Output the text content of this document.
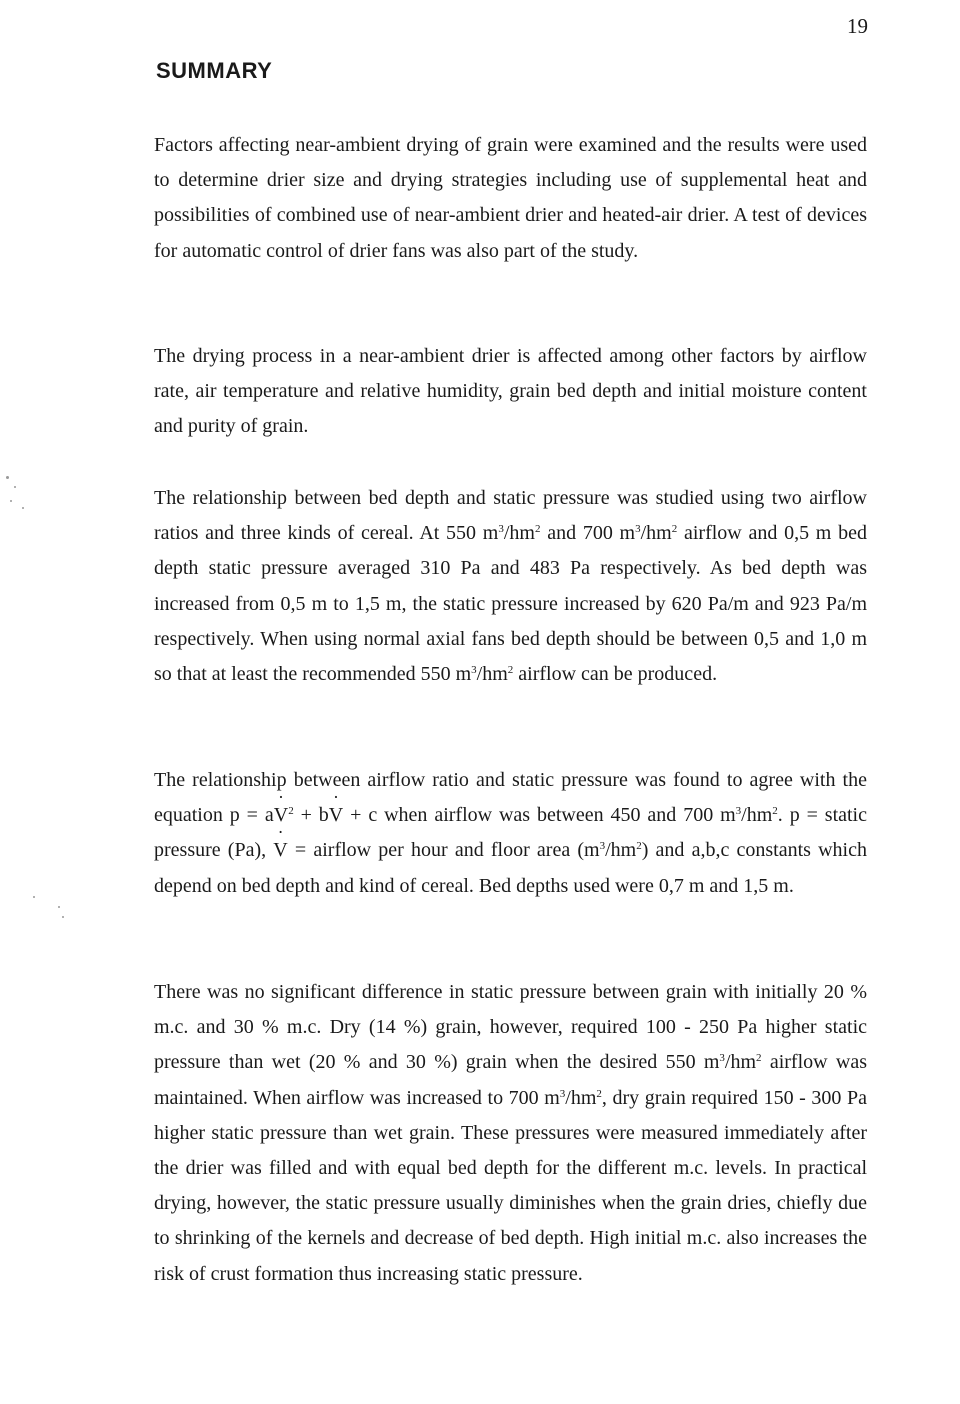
19
SUMMARY

Factors affecting near-ambient drying of grain were examined and the results were used to determine drier size and drying strategies including use of supplemental heat and possibilities of combined use of near-ambient drier and heated-air drier. A test of devices for automatic control of drier fans was also part of the study.

The drying process in a near-ambient drier is affected among other factors by airflow rate, air temperature and relative humidity, grain bed depth and initial moisture content and purity of grain.

The relationship between bed depth and static pressure was studied using two airflow ratios and three kinds of cereal. At 550 $m^3/hm^2$ and 700 $m^3/hm^2$ airflow and 0,5 m bed depth static pressure averaged 310 Pa and 483 Pa respectively. As bed depth was increased from 0,5 m to 1,5 m, the static pressure increased by 620 Pa/m and 923 Pa/m respectively. When using normal axial fans bed depth should be between 0,5 and 1,0 m so that at least the recommended 550 $m^3/hm^2$ airflow can be produced.

The relationship between airflow ratio and static pressure was found to agree with the equation p = a˙ $V^2$ + b˙ V + c when airflow was between 450 and 700 $m^3/hm^2$. p = static pressure (Pa), ˙ V = airflow per hour and floor area $(m^3/hm^2)$ and a,b,c constants which depend on bed depth and kind of cereal. Bed depths used were 0,7 m and 1,5 m.

There was no significant difference in static pressure between grain with initially 20 % m.c. and 30 % m.c. Dry (14 %) grain, however, required 100 - 250 Pa higher static pressure than wet (20 % and 30 %) grain when the desired 550 $m^3/hm^2$ airflow was maintained. When airflow was increased to 700 $m^3/hm^2$, dry grain required 150 - 300 Pa higher static pressure than wet grain. These pressures were measured immediately after the drier was filled and with equal bed depth for the different m.c. levels. In practical drying, however, the static pressure usually diminishes when the grain dries, chiefly due to shrinking of the kernels and decrease of bed depth. High initial m.c. also increases the risk of crust formation thus increasing static pressure.
